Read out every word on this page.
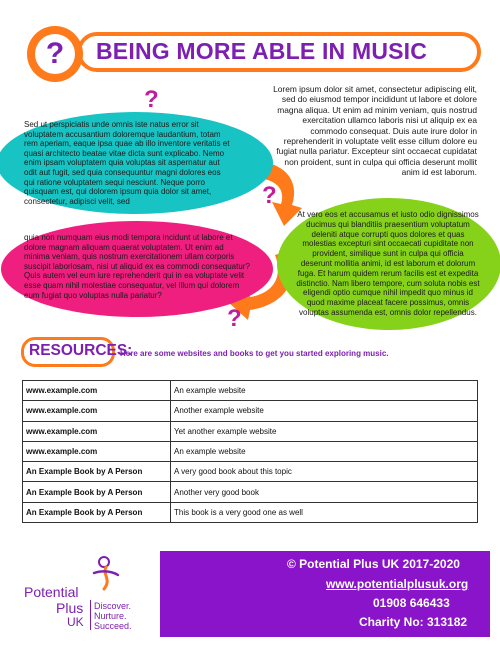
?	BEING MORE ABLE IN MUSIC
?
?
?
Lorem ipsum dolor sit amet, consectetur adipiscing elit, sed do eiusmod tempor incididunt ut labore et dolore magna aliqua. Ut enim ad minim veniam, quis nostrud exercitation ullamco laboris nisi ut aliquip ex ea commodo consequat. Duis aute irure dolor in reprehenderit in voluptate velit esse cillum dolore eu fugiat nulla pariatur. Excepteur sint occaecat cupidatat non proident, sunt in culpa qui officia deserunt mollit anim id est laborum.
Sed ut perspiciatis unde omnis iste natus error sit voluptatem accusantium doloremque laudantium, totam rem aperiam, eaque ipsa quae ab illo inventore veritatis et quasi architecto beatae vitae dicta sunt explicabo. Nemo enim ipsam voluptatem quia voluptas sit aspernatur aut odit aut fugit, sed quia consequuntur magni dolores eos qui ratione voluptatem sequi nesciunt. Neque porro quisquam est, qui dolorem ipsum quia dolor sit amet, consectetur, adipisci velit, sed
quia non numquam eius modi tempora incidunt ut labore et dolore magnam aliquam quaerat voluptatem. Ut enim ad minima veniam, quis nostrum exercitationem ullam corporis suscipit laboriosam, nisi ut aliquid ex ea commodi consequatur? Quis autem vel eum iure reprehenderit qui in ea voluptate velit esse quam nihil molestiae consequatur, vel illum qui dolorem eum fugiat quo voluptas nulla pariatur?
At vero eos et accusamus et iusto odio dignissimos ducimus qui blanditiis praesentium voluptatum deleniti atque corrupti quos dolores et quas molestias excepturi sint occaecati cupiditate non provident, similique sunt in culpa qui officia deserunt mollitia animi, id est laborum et dolorum fuga. Et harum quidem rerum facilis est et expedita distinctio. Nam libero tempore, cum soluta nobis est eligendi optio cumque nihil impedit quo minus id quod maxime placeat facere possimus, omnis voluptas assumenda est, omnis dolor repellendus.
RESOURCES:
Here are some websites and books to get you started exploring music.
www.example.com	An example website
www.example.com	Another example website
www.example.com	Yet another example website
www.example.com	An example website
An Example Book by A Person	A very good book about this topic
An Example Book by A Person	Another very good book
An Example Book by A Person	This book is a very good one as well
Potential
Plus
UK
Discover.
Nurture.
Succeed.
© Potential Plus UK 2017-2020
www.potentialplusuk.org
01908 646433
Charity No: 313182
